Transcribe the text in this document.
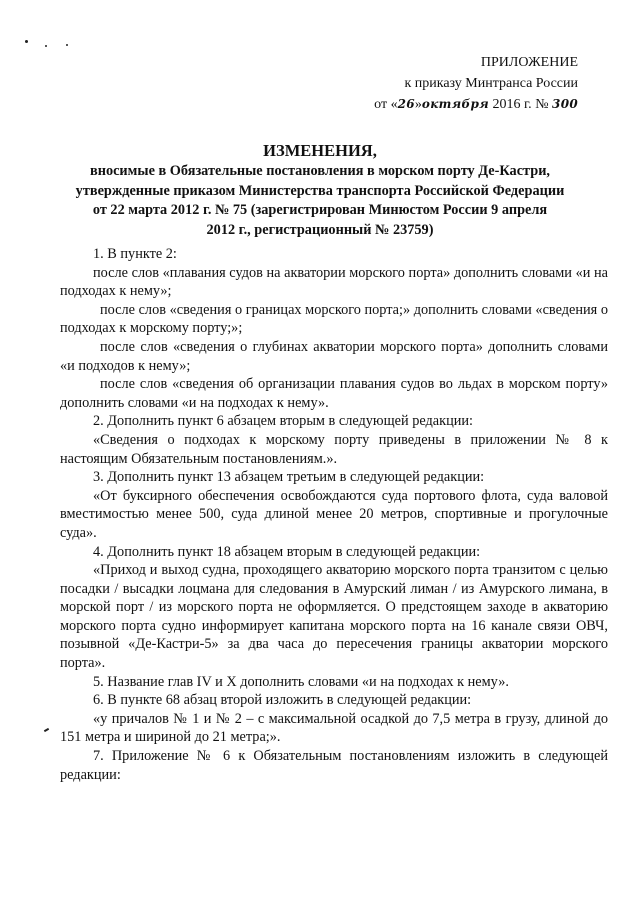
ПРИЛОЖЕНИЕ
к приказу Минтранса России
от «26»октября 2016 г. № 300
ИЗМЕНЕНИЯ,
вносимые в Обязательные постановления в морском порту Де-Кастри,
утвержденные приказом Министерства транспорта Российской Федерации
от 22 марта 2012 г. № 75 (зарегистрирован Минюстом России 9 апреля
2012 г., регистрационный № 23759)

1. В пункте 2:

после слов «плавания судов на акватории морского порта» дополнить словами «и на подходах к нему»;

после слов «сведения о границах морского порта;» дополнить словами «сведения о подходах к морскому порту;»;

после слов «сведения о глубинах акватории морского порта» дополнить словами «и подходов к нему»;

после слов «сведения об организации плавания судов во льдах в морском порту» дополнить словами «и на подходах к нему».

2. Дополнить пункт 6 абзацем вторым в следующей редакции:

«Сведения о подходах к морскому порту приведены в приложении № 8 к настоящим Обязательным постановлениям.».

3. Дополнить пункт 13 абзацем третьим в следующей редакции:

«От буксирного обеспечения освобождаются суда портового флота, суда валовой вместимостью менее 500, суда длиной менее 20 метров, спортивные и прогулочные суда».

4. Дополнить пункт 18 абзацем вторым в следующей редакции:

«Приход и выход судна, проходящего акваторию морского порта транзитом с целью посадки / высадки лоцмана для следования в Амурский лиман / из Амурского лимана, в морской порт / из морского порта не оформляется. О предстоящем заходе в акваторию морского порта судно информирует капитана морского порта на 16 канале связи ОВЧ, позывной «Де-Кастри-5» за два часа до пересечения границы акватории морского порта».

5. Название глав IV и X дополнить словами «и на подходах к нему».

6. В пункте 68 абзац второй изложить в следующей редакции:

«у причалов № 1 и № 2 – с максимальной осадкой до 7,5 метра в грузу, длиной до 151 метра и шириной до 21 метра;».

7. Приложение № 6 к Обязательным постановлениям изложить в следующей редакции:
